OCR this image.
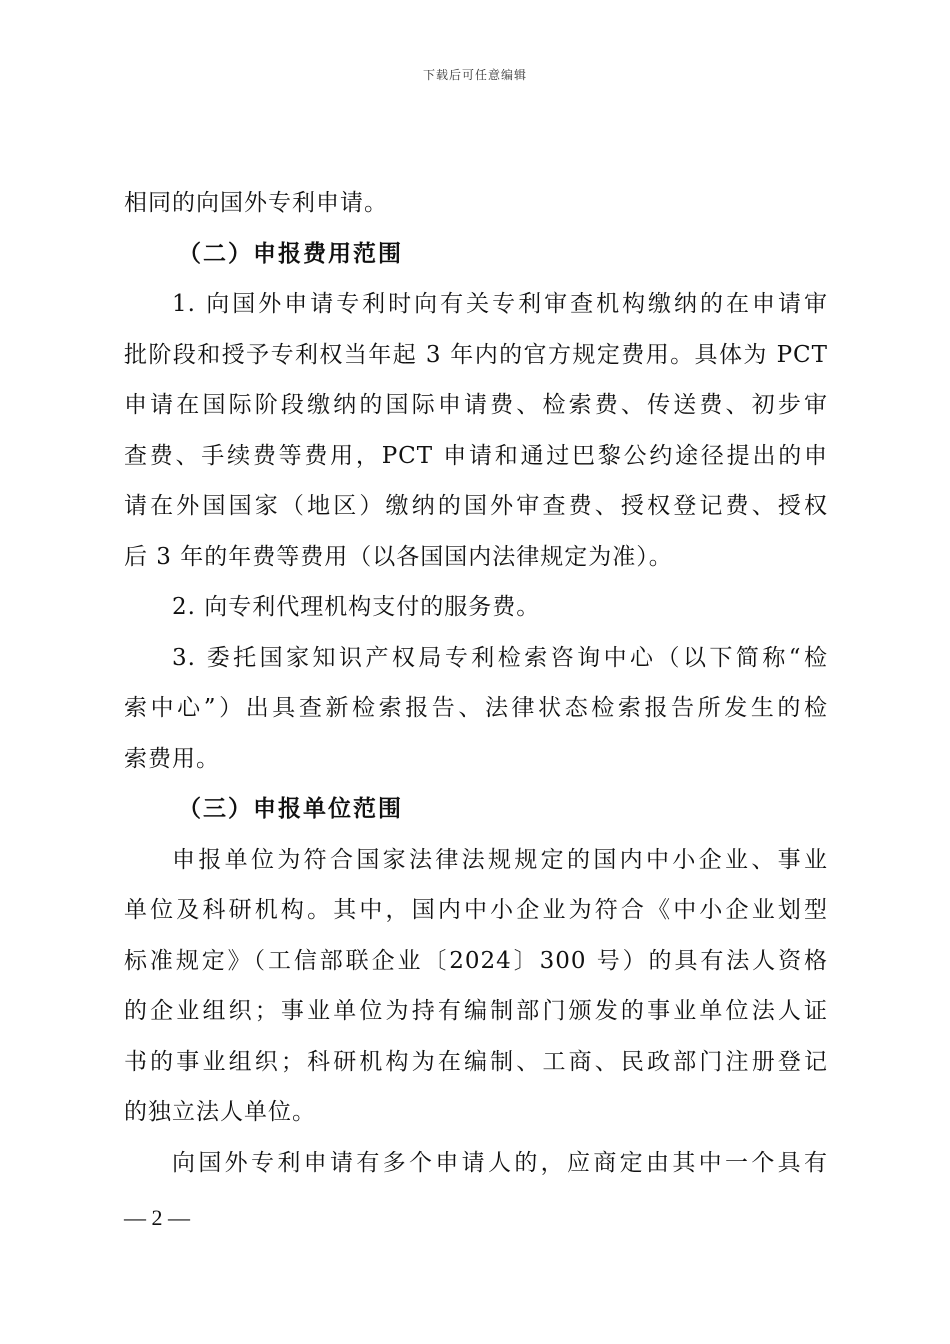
下载后可任意编辑
相同的向国外专利申请。
（二）申报费用范围
1. 向国外申请专利时向有关专利审查机构缴纳的在申请审
批阶段和授予专利权当年起 3 年内的官方规定费用。具体为 PCT
申请在国际阶段缴纳的国际申请费、检索费、传送费、初步审
查费、手续费等费用，PCT 申请和通过巴黎公约途径提出的申
请在外国国家（地区）缴纳的国外审查费、授权登记费、授权
后 3 年的年费等费用（以各国国内法律规定为准）。
2. 向专利代理机构支付的服务费。
3. 委托国家知识产权局专利检索咨询中心（以下简称“检
索中心”）出具查新检索报告、法律状态检索报告所发生的检
索费用。
（三）申报单位范围
申报单位为符合国家法律法规规定的国内中小企业、事业
单位及科研机构。其中，国内中小企业为符合《中小企业划型
标准规定》（工信部联企业〔2024〕300 号）的具有法人资格
的企业组织；事业单位为持有编制部门颁发的事业单位法人证
书的事业组织；科研机构为在编制、工商、民政部门注册登记
的独立法人单位。
向国外专利申请有多个申请人的，应商定由其中一个具有
— 2 —
